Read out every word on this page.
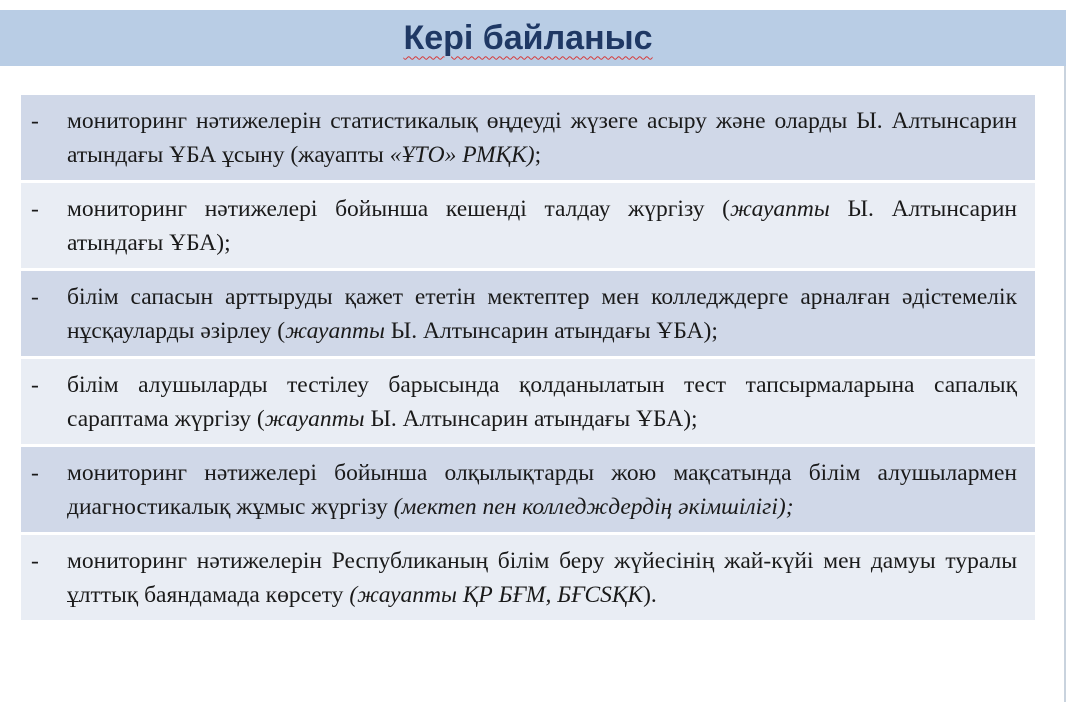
Кері байланыс
-	мониторинг нәтижелерін статистикалық өңдеуді жүзеге асыру және оларды Ы. Алтынсарин атындағы ҰБА ұсыну (жауапты «ҰТО» РМҚК);
-	мониторинг нәтижелері бойынша кешенді талдау жүргізу (жауапты Ы. Алтынсарин атындағы ҰБА);
-	білім сапасын арттыруды қажет ететін мектептер мен колледждерге арналған әдістемелік нұсқауларды әзірлеу (жауапты Ы. Алтынсарин атындағы ҰБА);
-	білім алушыларды тестілеу барысында қолданылатын тест тапсырмаларына сапалық сараптама жүргізу (жауапты Ы. Алтынсарин атындағы ҰБА);
-	мониторинг нәтижелері бойынша олқылықтарды жою мақсатында білім алушылармен диагностикалық жұмыс жүргізу (мектеп пен колледждердің әкімшілігі);
-	мониторинг нәтижелерін Республиканың білім беру жүйесінің жай-күйі мен дамуы туралы ұлттық баяндамада көрсету (жауапты ҚР БҒМ, БҒСSҚК).
